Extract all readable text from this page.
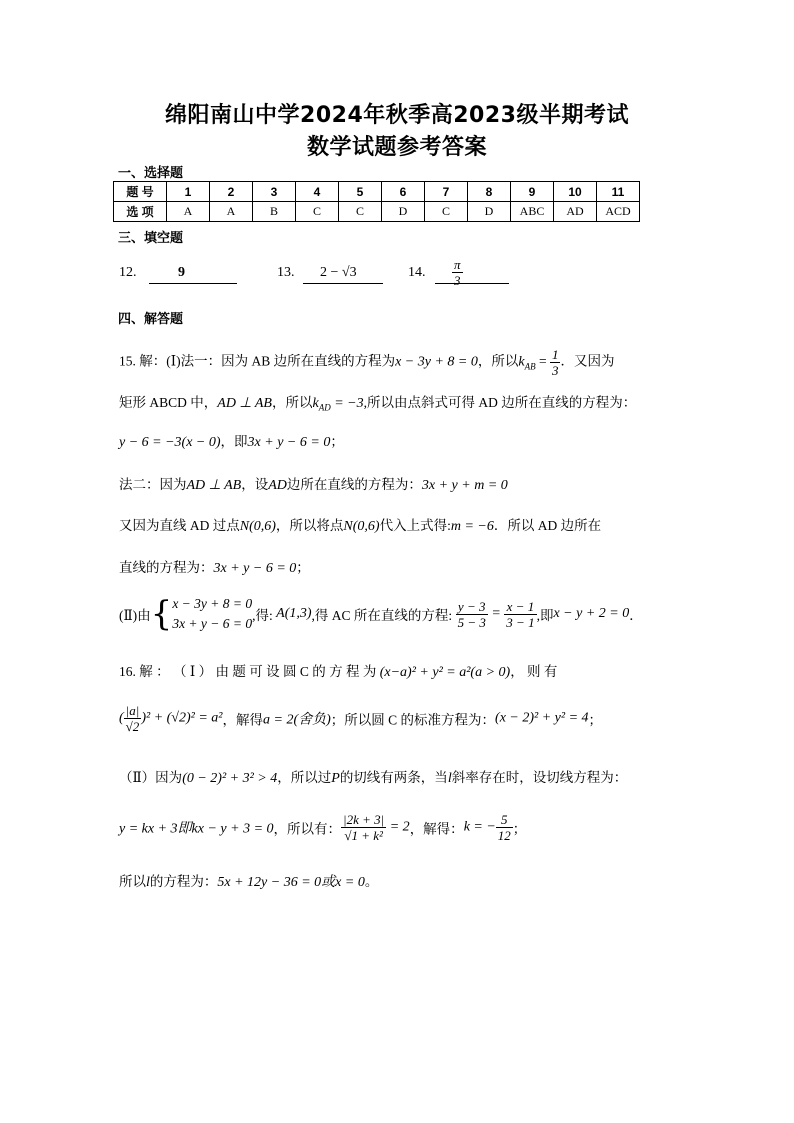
绵阳南山中学2024年秋季高2023级半期考试
数学试题参考答案
一、选择题
题 号	1	2	3	4	5	6	7	8	9	10	11
选 项	A	A	B	C	C	D	C	D	ABC	AD	ACD
三、填空题
12.	9	13. 2 − √3	14. $\frac{\pi}{3}$
四、解答题
15. 解：(Ⅰ)法一：因为 AB 边所在直线的方程为x − 3y + 8 = 0，所以$k_{AB} = \frac{1}{3}$ ．又因为
矩形 ABCD 中，AD ⊥ AB，所以$k_{AD} = -3$,所以由点斜式可得 AD 边所在直线的方程为：
y − 6 = −3(x − 0)，即3x + y − 6 = 0；
法二：因为AD ⊥ AB，设AD边所在直线的方程为：3x + y + m = 0
又因为直线 AD 过点N(0,6)，所以将点N(0,6)代入上式得:m = −6．所以 AD 边所在
直线的方程为：3x + y − 6 = 0；
(Ⅱ)由{ x − 3y + 8 = 0
3x + y − 6 = 0
,得: A(1,3),得 AC 所在直线的方程: $\frac{y - 3}{5 - 3} = \frac{x - 1}{3 - 1}$ ,即x − y + 2 = 0．
16. 解 ： （ Ⅰ ） 由 题 可 设 圆 C 的 方 程 为 (x−a)² + y² = a²(a > 0)， 则 有
( $\frac{|a|}{√2} )^2 + (√2)^2 = a^2$，解得a = 2(舍负)；所以圆 C 的标准方程为：(x − 2)² + y² = 4；
（Ⅱ）因为(0 − 2)² + 3² > 4，所以过P的切线有两条，当l斜率存在时，设切线方程为：
y = kx + 3即kx − y + 3 = 0，所以有： $\frac{|2k + 3|}{\text{√1 + k²}} = 2$，解得：k = − $\frac{5}{12}$ ；
所以l的方程为：5x + 12y − 36 = 0或x = 0。
